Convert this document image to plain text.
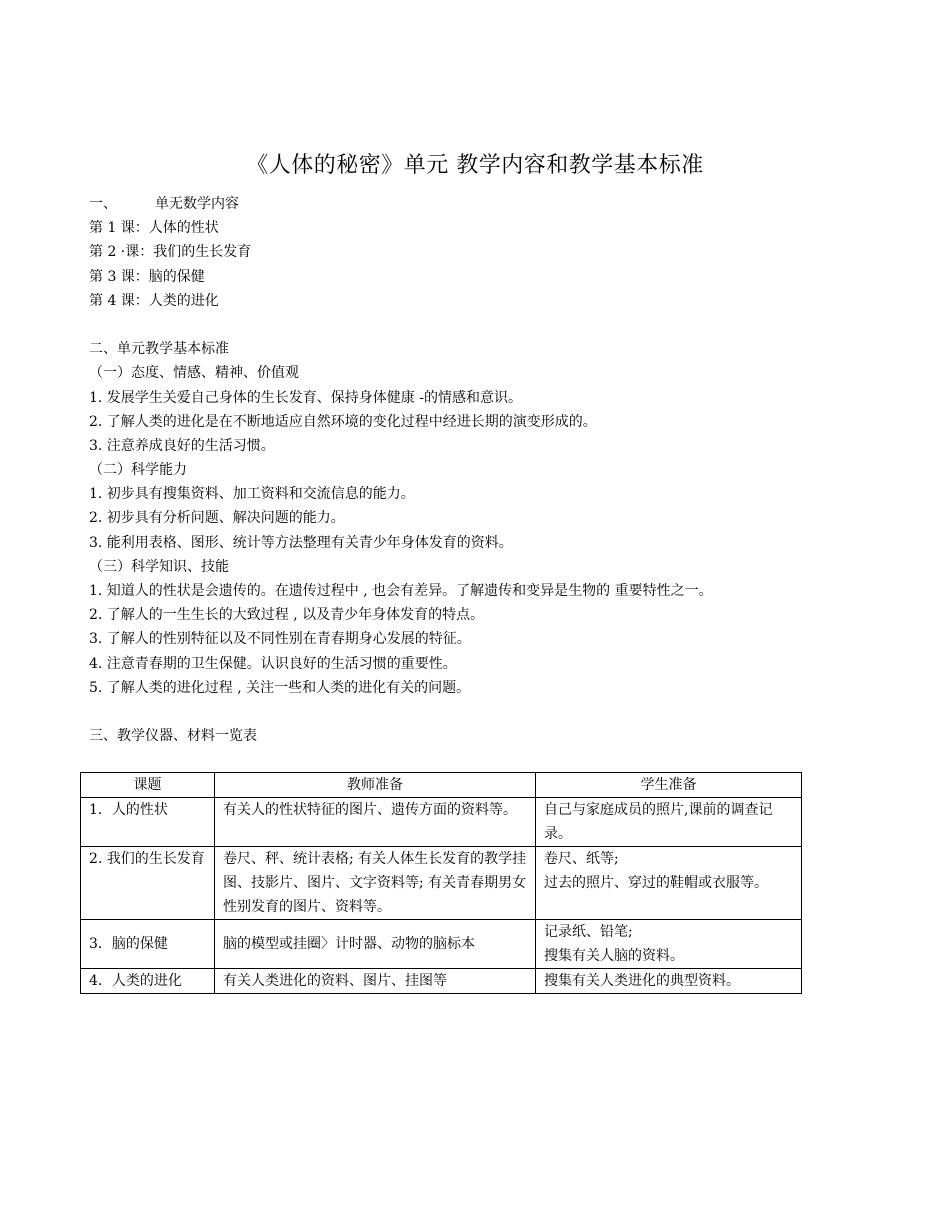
《人体的秘密》单元 教学内容和教学基本标准
一、	单无数学内容
第 1 课：人体的性状
第 2 ·课：我们的生长发育
第 3 课：脑的保健
第 4 课：人类的进化
二、单元教学基本标准
（一）态度、情感、精神、价值观
1. 发展学生关爱自己身体的生长发育、保持身体健康 -的情感和意识。
2. 了解人类的进化是在不断地适应自然环境的变化过程中经进长期的演变形成的。
3. 注意养成良好的生活习惯。
（二）科学能力
1. 初步具有搜集资料、加工资料和交流信息的能力。
2. 初步具有分析问题、解决问题的能力。
3. 能利用表格、图形、统计等方法整理有关青少年身体发育的资料。
（三）科学知识、技能
1. 知道人的性状是会遗传的。在遗传过程中 , 也会有差异。了解遗传和变异是生物的 重要特性之一。
2. 了解人的一生生长的大致过程 , 以及青少年身体发育的特点。
3. 了解人的性别特征以及不同性别在青春期身心发展的特征。
4. 注意青春期的卫生保健。认识良好的生活习惯的重要性。
5. 了解人类的进化过程 , 关注一些和人类的进化有关的问题。
三、教学仪器、材料一览表
课题	教师准备	学生准备
1．人的性状	有关人的性状特征的图片、遗传方面的资料等。	自己与家庭成员的照片,课前的调查记录。

2. 我们的生长发育	卷尺、秤、统计表格; 有关人体生长发育的教学挂图、技影片、图片、文字资料等; 有关青春期男女性别发育的图片、资料等。	卷尺、纸等;
过去的照片、穿过的鞋帽或衣服等。

3．脑的保健	脑的模型或挂圈〉计时器、动物的脑标本	记录纸、铅笔;
搜集有关人脑的资料。

4．人类的进化	有关人类进化的资料、图片、挂图等	搜集有关人类进化的典型资料。
